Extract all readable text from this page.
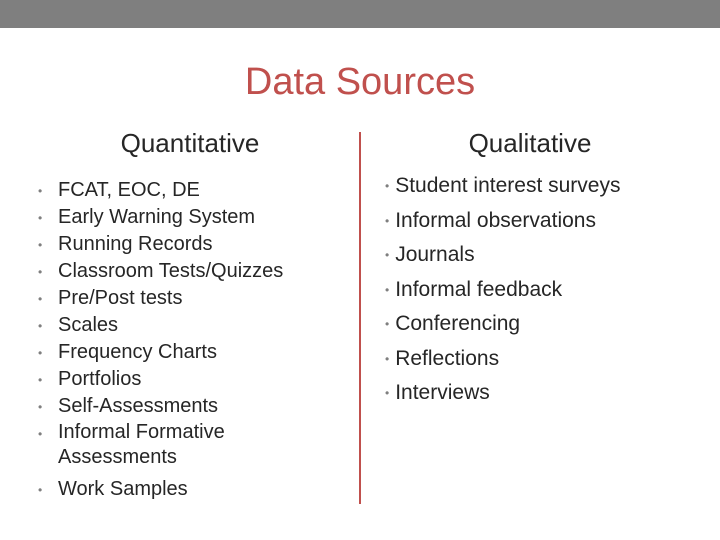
Data Sources
Quantitative	Qualitative
• FCAT, EOC, DE
• Early Warning System
• Running Records
• Classroom Tests/Quizzes
• Pre/Post tests
• Scales
• Frequency Charts
• Portfolios
• Self-Assessments
• Informal Formative Assessments
• Work Samples
• Student interest surveys
• Informal observations
• Journals
• Informal feedback
• Conferencing
• Reflections
• Interviews
